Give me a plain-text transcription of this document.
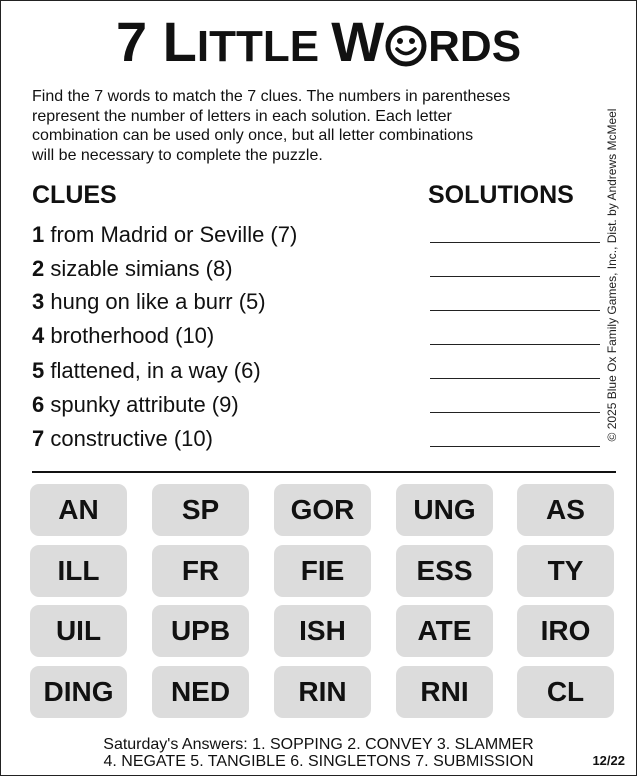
7 LITTLE W RDS
Find the 7 words to match the 7 clues. The numbers in parentheses
represent the number of letters in each solution. Each letter
combination can be used only once, but all letter combinations
will be necessary to complete the puzzle.
CLUES	SOLUTIONS
1 from Madrid or Seville (7)
2 sizable simians (8)
3 hung on like a burr (5)
4 brotherhood (10)
5 flattened, in a way (6)
6 spunky attribute (9)
7 constructive (10)	© 2025 Blue Ox Family Games, Inc., Dist. by Andrews McMeel
AN	SP	GOR	UNG	AS
ILL	FR	FIE	ESS	TY
UIL	UPB	ISH	ATE	IRO
DING	NED	RIN	RNI	CL
Saturday's Answers: 1. SOPPING 2. CONVEY 3. SLAMMER
4. NEGATE 5. TANGIBLE 6. SINGLETONS 7. SUBMISSION	12/22
